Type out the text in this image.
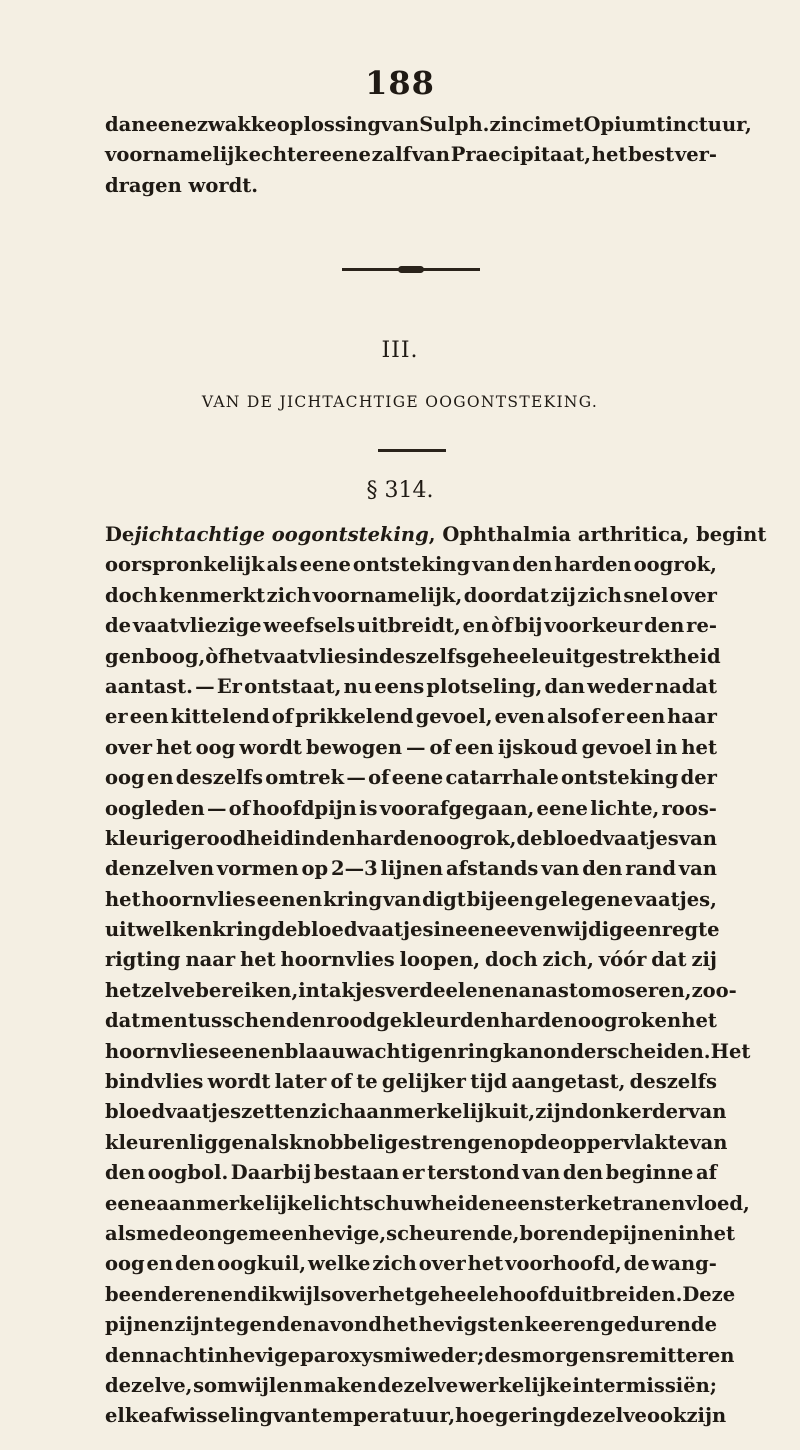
188
dan eene zwakke oplossing van Sulph. zinci met Opiumtinctuur,
voornamelijk echter eene zalf van Praecipitaat, het best ver-
dragen wordt.
III.
VAN DE JICHTACHTIGE OOGONTSTEKING.
§ 314.
De jichtachtige oogontsteking , Ophthalmia arthritica, begint
oorspronkelijk als eene ontsteking van den harden oogrok,
doch kenmerkt zich voornamelijk, doordat zij zich snel over
de vaatvliezige weefsels uitbreidt, en òf bij voorkeur den re-
genboog, òf het vaatvlies in deszelfs geheele uitgestrektheid
aantast. — Er ontstaat, nu eens plotseling, dan weder nadat
er een kittelend of prikkelend gevoel, even alsof er een haar
over het oog wordt bewogen — of een ijskoud gevoel in het
oog en deszelfs omtrek — of eene catarrhale ontsteking der
oogleden — of hoofdpijn is voorafgegaan, eene lichte, roos-
kleurige roodheid in den harden oogrok, de bloedvaatjes van
denzelven vormen op 2—3 lijnen afstands van den rand van
het hoornvlies eenen kring van digt bijeen gelegene vaatjes,
uit welken kring de bloedvaatjes in eene evenwijdige en regte
rigting naar het hoornvlies loopen, doch zich, vóór dat zij
hetzelve bereiken, in takjes verdeelen en anastomoseren, zoo-
dat men tusschen den roodgekleurden harden oogrok en het
hoornvlies eenen blaauwachtigen ring kan onderscheiden. Het
bindvlies wordt later of te gelijker tijd aangetast, deszelfs
bloedvaatjes zetten zich aanmerkelijk uit, zijn donkerder van
kleur en liggen als knobbelige strengen op de oppervlakte van
den oogbol. Daarbij bestaan er terstond van den beginne af
eene aanmerkelijke lichtschuwheid en een sterke tranenvloed,
alsmede ongemeen hevige, scheurende, borende pijnen in het
oog en den oogkuil, welke zich over het voorhoofd, de wang-
beenderen en dikwijls over het geheele hoofd uitbreiden. Deze
pijnen zijn tegen den avond het hevigst en keeren gedurende
den nacht in hevige paroxysmi weder; des morgens remitteren
dezelve, somwijlen maken dezelve werkelijke intermissiën;
elke afwisseling van temperatuur, hoe gering dezelve ook zijn
